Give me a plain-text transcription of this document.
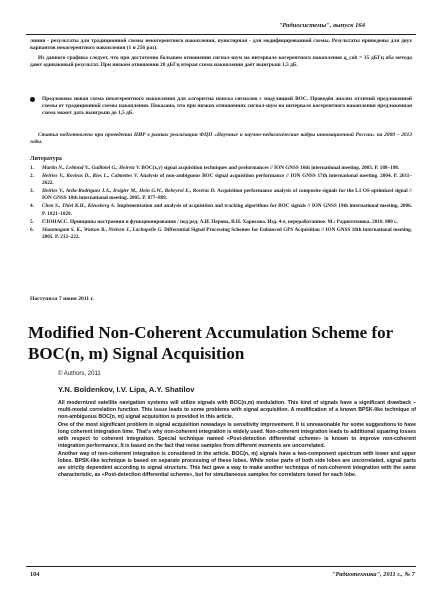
"Радиосистемы", выпуск 164
линия - результаты для традиционной схемы некогерентного накопления, пунктирная - для модифицированной схемы. Результаты приведены для двух вариантов некогерентного накопления (1 и 256 раз).
Из данного графика следует, что при достаточно большом отношении сигнал-шум на интервале когерентного накопления q_coh = 35 дБГц оба метода дают одинаковый результат. При низком отношении 20 дБГц вторая схема накопления даёт выигрыш 1,5 дБ.
Предложена новая схема некогерентного накопления для алгоритма поиска сигналов с модуляцией BOC. Проведён анализ отличий предложенной схемы от традиционной схемы накопления. Показано, что при низких отношениях сигнал-шум на интервале когерентного накопления предложенная схема может дать выигрыш до 1,5 дБ.
Статья подготовлена при проведении НИР в рамках реализации ФЦП «Научные и научно-педагогические кадры инновационной России» на 2009 – 2013 годы.
Литература
1. Martin N., Leblond V., Guillotel G., Heiretz V. BOC(x,y) signal acquisition techniques and preformances // ION GNSS 16th international meeting. 2003. P. 188–198.
2. Heiries V., Roviras D., Ries L., Calmettes V. Analysis of non-ambiguous BOC signal acquisition performance // ION GNSS 17th international meeting. 2004. P. 2611–2622.
3. Heiries V., Avila-Rodriguez J.A., Irsigler M., Hein G.W., Rebeyrol E., Roviras D. Acquisition performance analysis of composite signals for the L1 OS optimized signal // ION GNSS 18th international meeting. 2005. P. 877–889.
4. Chen S., Thiel K.H., Kleusberg A. Implementation and analysis of acquisition and tracking algorithms for BOC signals // ION GNSS 19th international meeting. 2006. P. 1821–1829.
5. ГЛОНАСС. Принципы построения и функционирования / под ред. А.И. Перова, В.Н. Харисова. Изд. 4-е, переработанное. М.: Радиотехника. 2010. 800 с.
6. Shanmugam S. K., Watson R., Nielsen J., Lachapelle G. Differential Signal Processing Schemes for Enhanced GPS Acquisition // ION GNSS 18th international meeting. 2005. P. 212–222.
Поступила 7 июня 2011 г.
Modified Non-Coherent Accumulation Scheme for BOC(n, m) Signal Acquisition
© Authors, 2011
Y.N. Boldenkov, I.V. Lipa, A.Y. Shatilov

All modernized satellite navigation systems will utilize signals with BOC(n,m) modulation. This kind of signals have a significant drawback – multi-modal correlation function. This issue leads to some problems with signal acquisition. A modification of a known BPSK-like technique of non-ambiguous BOC(n, m) signal acquisition is provided in this article.

One of the most significant problem in signal acquisition nowadays is sensitivity improvement. It is unreasonable for some suggestions to have long coherent integration time. That's why non-coherent integration is widely used. Non-coherent integration leads to additional squaring losses with respect to coherent integration. Special technique named «Post-detection differential scheme» is known to improve non-coherent integration performance. It is based on the fact that noise samples from different moments are uncorrelated.

Another way of non-coherent integration is considered in the article. BOC(n, m) signals have a two-component spectrum with lower and upper lobes. BPSK-like technique is based on separate processing of these lobes. While noise parts of both side lobes are uncorrelated, signal parts are strictly dependent according to signal structure. This fact gave a way to make another technique of non-coherent integration with the same characteristic, as «Post-detection differential scheme», but for simultaneous samples for correlators tuned for each lobe.

104	"Радиотехника", 2011 г., № 7
